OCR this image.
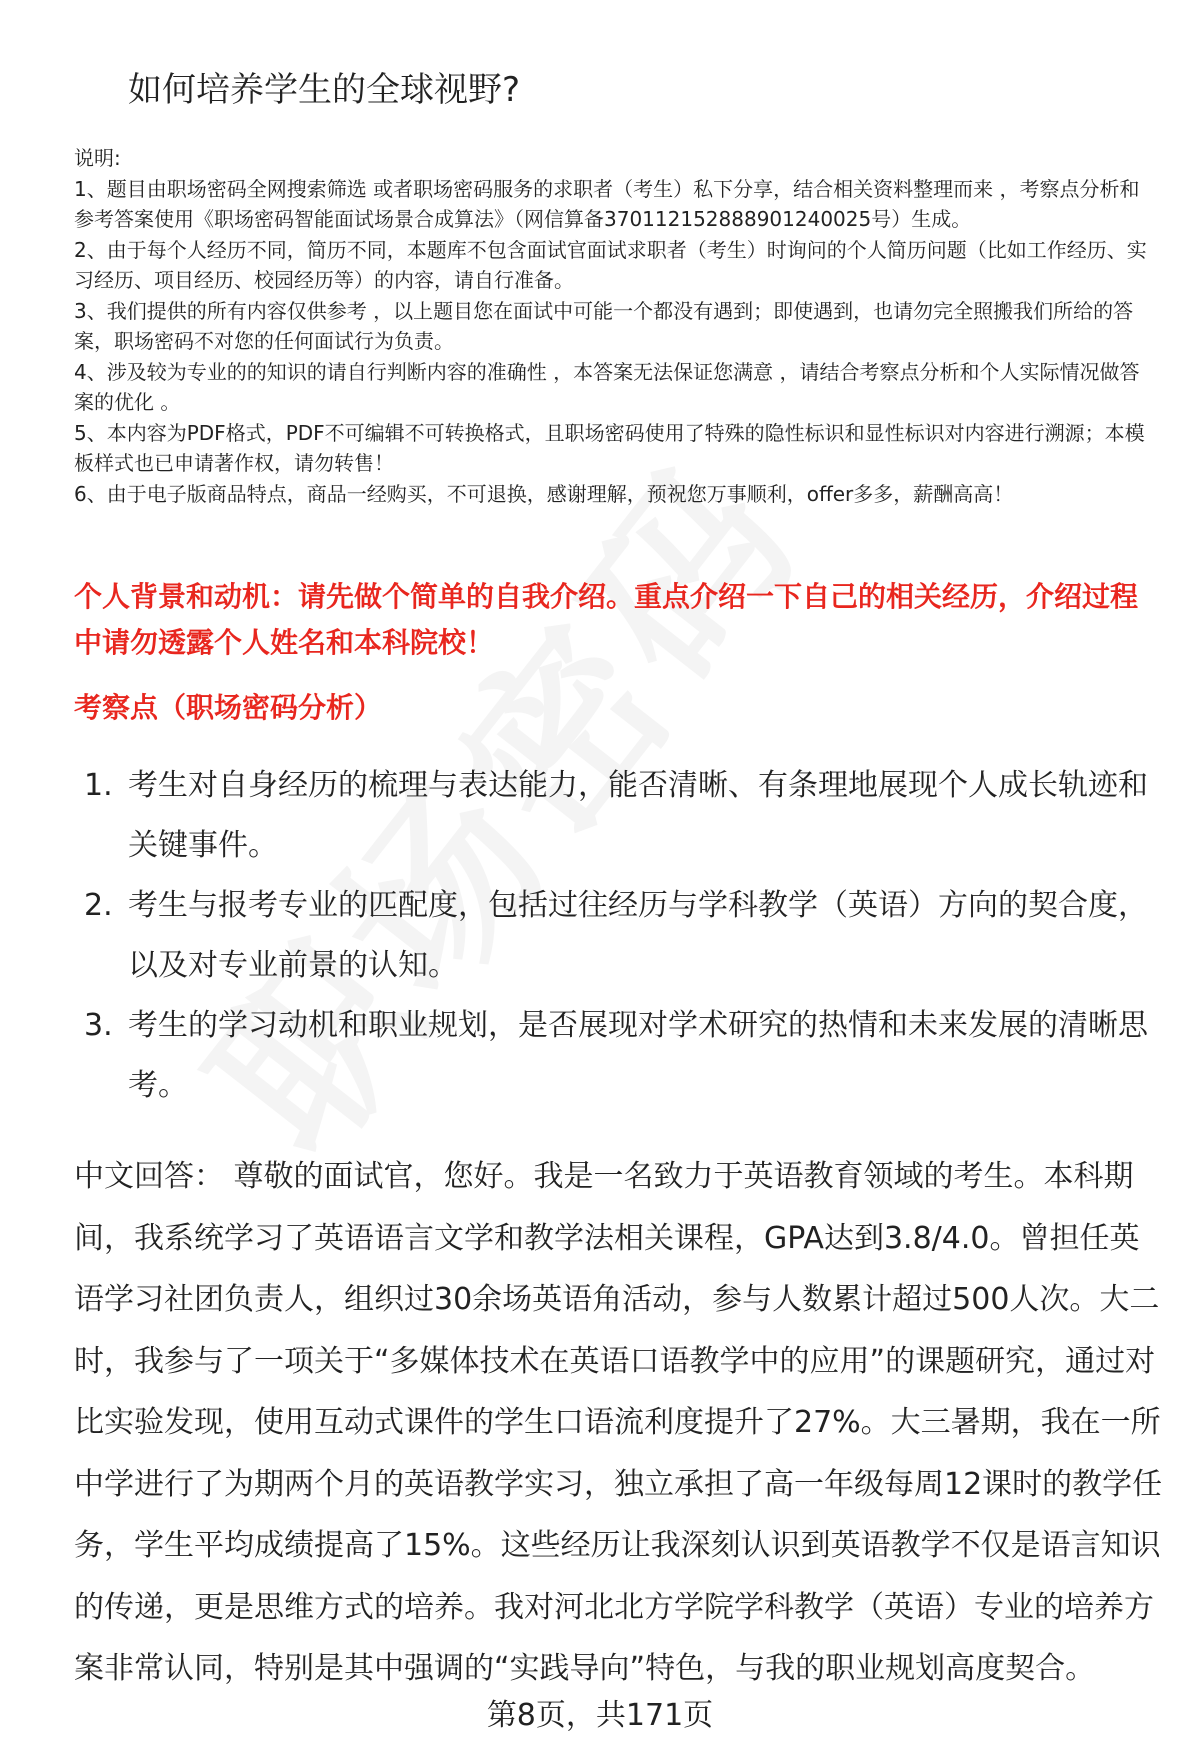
如何培养学生的全球视野?
说明:
1、题目由职场密码全网搜索筛选 或者职场密码服务的求职者（考生）私下分享，结合相关资料整理而来 ，考察点分析和参考答案使用《职场密码智能面试场景合成算法》（网信算备370112152888901240025号）生成。
2、由于每个人经历不同，简历不同，本题库不包含面试官面试求职者（考生）时询问的个人简历问题（比如工作经历、实习经历、项目经历、校园经历等）的内容，请自行准备。
3、我们提供的所有内容仅供参考 ，以上题目您在面试中可能一个都没有遇到；即使遇到，也请勿完全照搬我们所给的答案，职场密码不对您的任何面试行为负责。
4、涉及较为专业的的知识的请自行判断内容的准确性 ，本答案无法保证您满意 ，请结合考察点分析和个人实际情况做答案的优化 。
5、本内容为PDF格式，PDF不可编辑不可转换格式，且职场密码使用了特殊的隐性标识和显性标识对内容进行溯源；本模板样式也已申请著作权，请勿转售！
6、由于电子版商品特点，商品一经购买，不可退换，感谢理解，预祝您万事顺利，offer多多，薪酬高高！
个人背景和动机：请先做个简单的自我介绍。重点介绍一下自己的相关经历，介绍过程中请勿透露个人姓名和本科院校！
考察点（职场密码分析）
1. 考生对自身经历的梳理与表达能力，能否清晰、有条理地展现个人成长轨迹和关键事件。
2. 考生与报考专业的匹配度，包括过往经历与学科教学（英语）方向的契合度，以及对专业前景的认知。
3. 考生的学习动机和职业规划，是否展现对学术研究的热情和未来发展的清晰思考。
中文回答： 尊敬的面试官，您好。我是一名致力于英语教育领域的考生。本科期间，我系统学习了英语语言文学和教学法相关课程，GPA达到3.8/4.0。曾担任英语学习社团负责人，组织过30余场英语角活动，参与人数累计超过500人次。大二时，我参与了一项关于“多媒体技术在英语口语教学中的应用”的课题研究，通过对比实验发现，使用互动式课件的学生口语流利度提升了27%。大三暑期，我在一所中学进行了为期两个月的英语教学实习，独立承担了高一年级每周12课时的教学任务，学生平均成绩提高了15%。这些经历让我深刻认识到英语教学不仅是语言知识的传递，更是思维方式的培养。我对河北北方学院学科教学（英语）专业的培养方案非常认同，特别是其中强调的“实践导向”特色，与我的职业规划高度契合。
第8页，共171页
